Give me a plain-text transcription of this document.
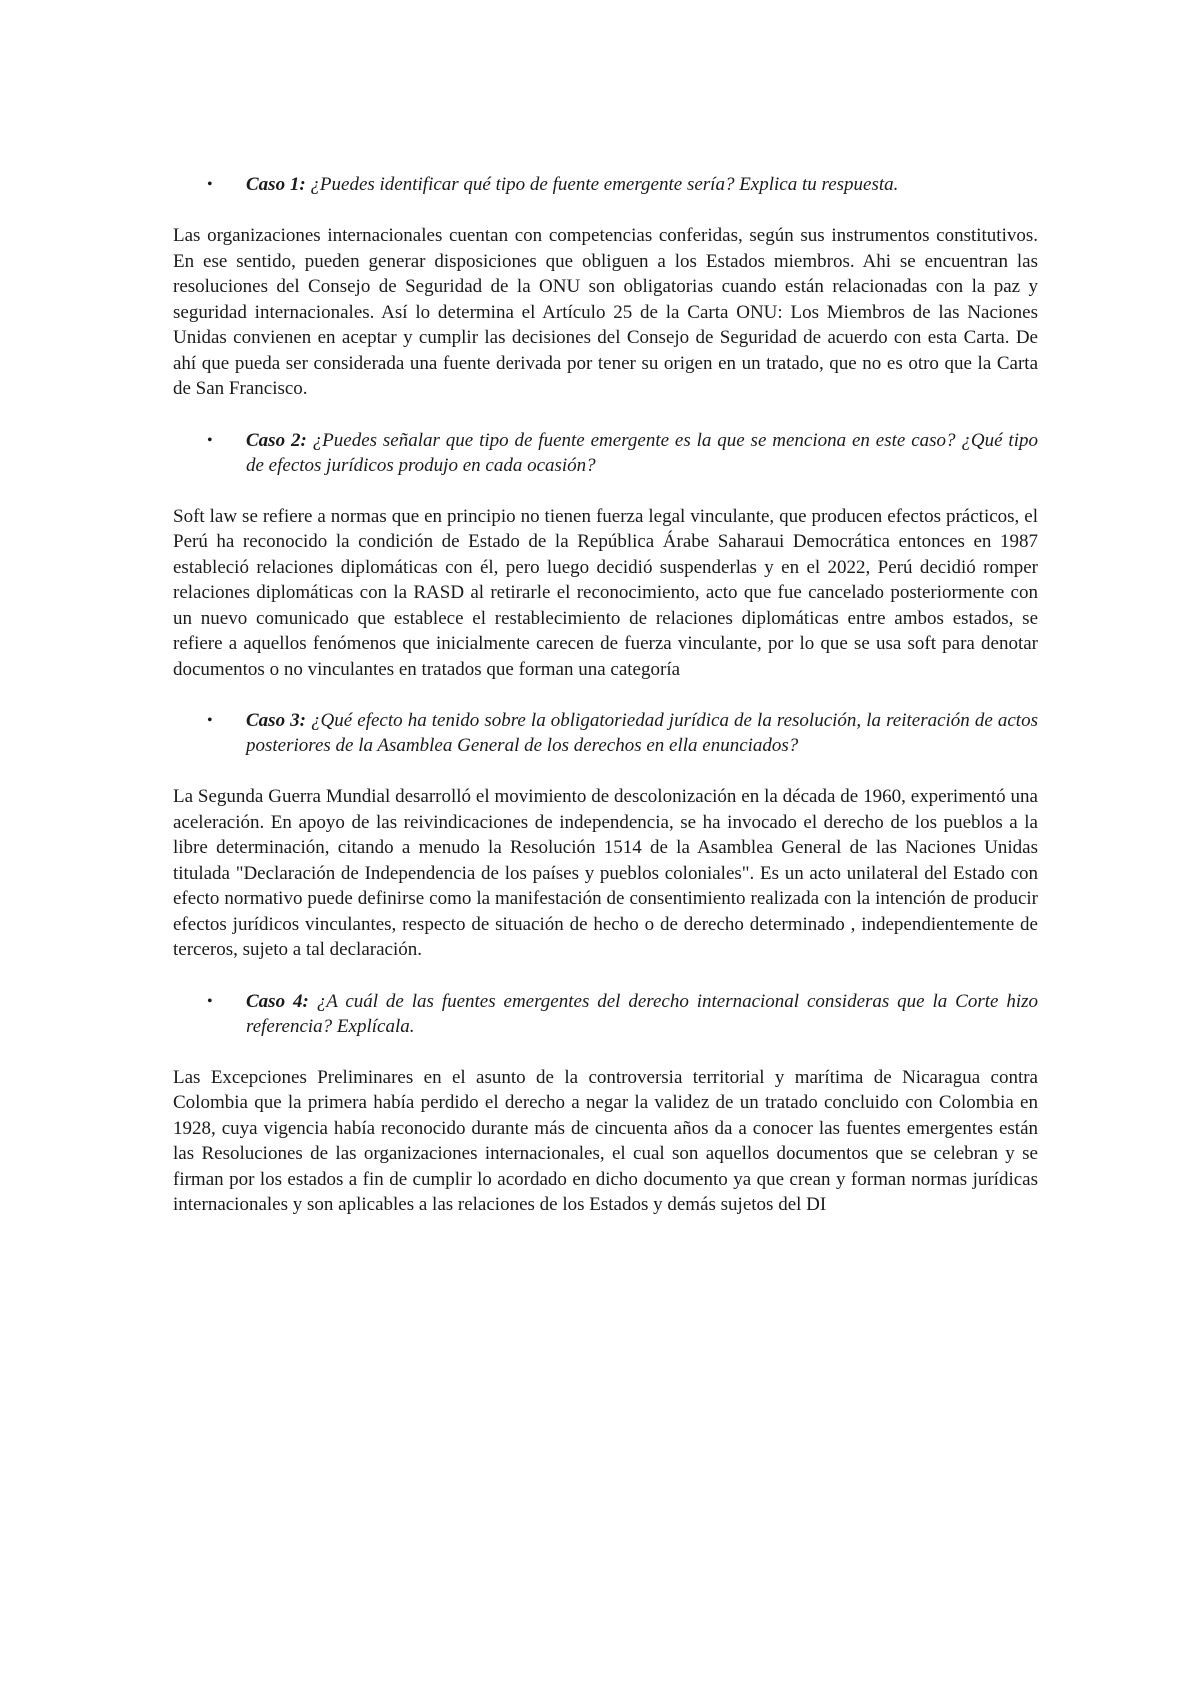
• Caso 1: ¿Puedes identificar qué tipo de fuente emergente sería? Explica tu respuesta.

Las organizaciones internacionales cuentan con competencias conferidas, según sus instrumentos constitutivos. En ese sentido, pueden generar disposiciones que obliguen a los Estados miembros. Ahi se encuentran las resoluciones del Consejo de Seguridad de la ONU son obligatorias cuando están relacionadas con la paz y seguridad internacionales. Así lo determina el Artículo 25 de la Carta ONU: Los Miembros de las Naciones Unidas convienen en aceptar y cumplir las decisiones del Consejo de Seguridad de acuerdo con esta Carta. De ahí que pueda ser considerada una fuente derivada por tener su origen en un tratado, que no es otro que la Carta de San Francisco.

• Caso 2: ¿Puedes señalar que tipo de fuente emergente es la que se menciona en este caso? ¿Qué tipo de efectos jurídicos produjo en cada ocasión?

Soft law se refiere a normas que en principio no tienen fuerza legal vinculante, que producen efectos prácticos, el Perú ha reconocido la condición de Estado de la República Árabe Saharaui Democrática entonces en 1987 estableció relaciones diplomáticas con él, pero luego decidió suspenderlas y en el 2022, Perú decidió romper relaciones diplomáticas con la RASD al retirarle el reconocimiento, acto que fue cancelado posteriormente con un nuevo comunicado que establece el restablecimiento de relaciones diplomáticas entre ambos estados, se refiere a aquellos fenómenos que inicialmente carecen de fuerza vinculante, por lo que se usa soft para denotar documentos o no vinculantes en tratados que forman una categoría

• Caso 3: ¿Qué efecto ha tenido sobre la obligatoriedad jurídica de la resolución, la reiteración de actos posteriores de la Asamblea General de los derechos en ella enunciados?

La Segunda Guerra Mundial desarrolló el movimiento de descolonización en la década de 1960, experimentó una aceleración. En apoyo de las reivindicaciones de independencia, se ha invocado el derecho de los pueblos a la libre determinación, citando a menudo la Resolución 1514 de la Asamblea General de las Naciones Unidas titulada "Declaración de Independencia de los países y pueblos coloniales". Es un acto unilateral del Estado con efecto normativo puede definirse como la manifestación de consentimiento realizada con la intención de producir efectos jurídicos vinculantes, respecto de situación de hecho o de derecho determinado , independientemente de terceros, sujeto a tal declaración.

• Caso 4: ¿A cuál de las fuentes emergentes del derecho internacional consideras que la Corte hizo referencia? Explícala.

Las Excepciones Preliminares en el asunto de la controversia territorial y marítima de Nicaragua contra Colombia que la primera había perdido el derecho a negar la validez de un tratado concluido con Colombia en 1928, cuya vigencia había reconocido durante más de cincuenta años da a conocer las fuentes emergentes están las Resoluciones de las organizaciones internacionales, el cual son aquellos documentos que se celebran y se firman por los estados a fin de cumplir lo acordado en dicho documento ya que crean y forman normas jurídicas internacionales y son aplicables a las relaciones de los Estados y demás sujetos del DI
